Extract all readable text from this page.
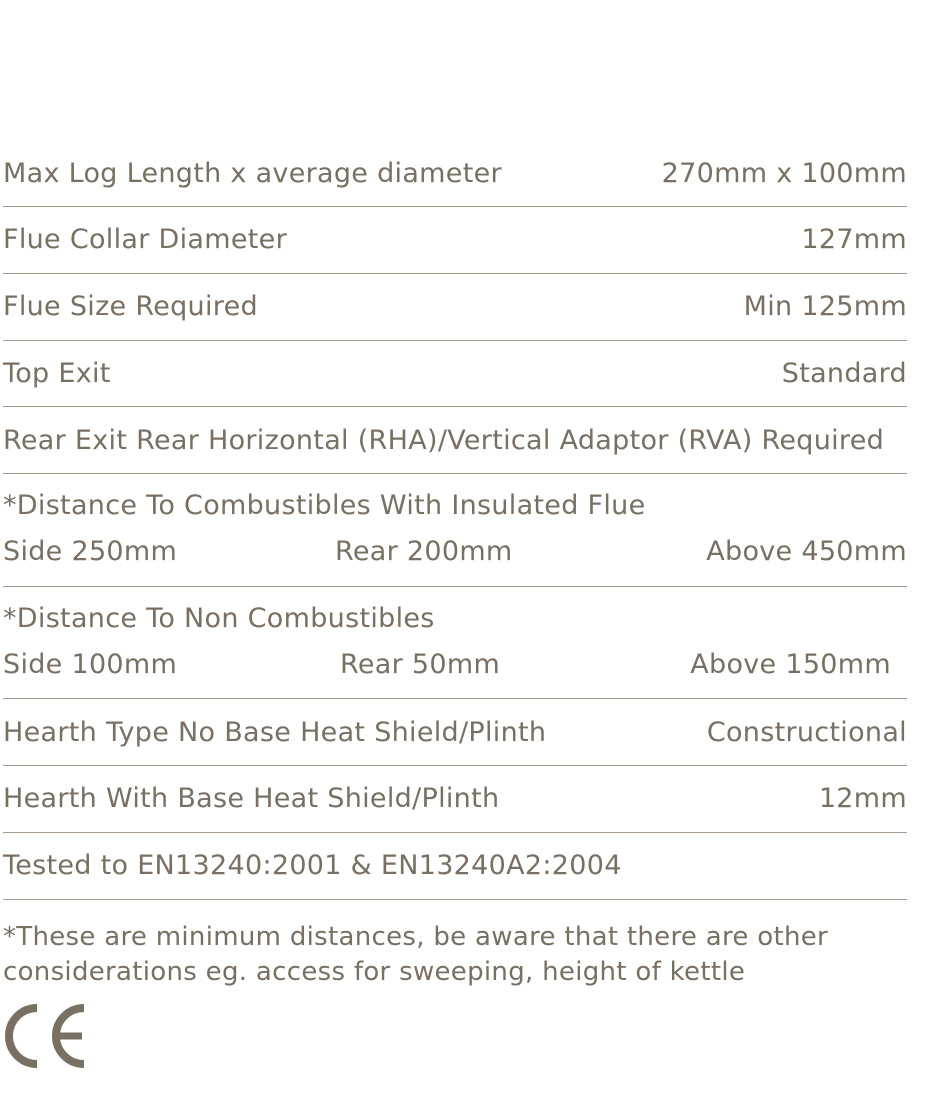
Max Log Length x average diameter	270mm x 100mm
Flue Collar Diameter	127mm
Flue Size Required	Min 125mm
Top Exit	Standard
Rear Exit Rear Horizontal (RHA)/Vertical Adaptor (RVA) Required
*Distance To Combustibles With Insulated Flue
Side 250mm	Rear 200mm	Above 450mm
*Distance To Non Combustibles
Side 100mm	Rear 50mm	Above 150mm
Hearth Type No Base Heat Shield/Plinth	Constructional
Hearth With Base Heat Shield/Plinth	12mm
Tested to EN13240:2001 & EN13240A2:2004
*These are minimum distances, be aware that there are other considerations eg. access for sweeping, height of kettle
